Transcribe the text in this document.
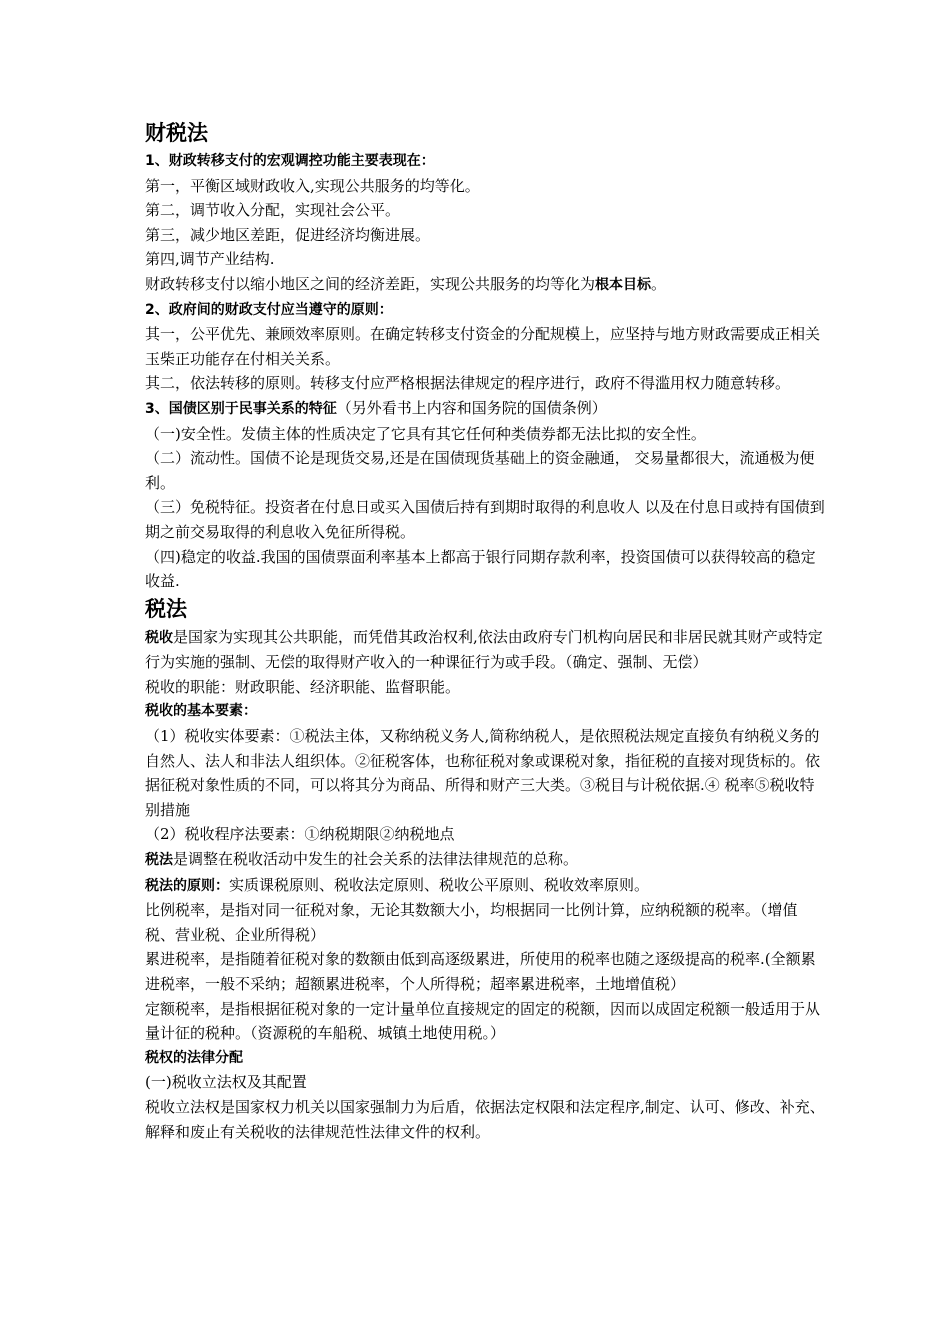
财税法

1、财政转移支付的宏观调控功能主要表现在：

第一，平衡区域财政收入,实现公共服务的均等化。

第二，调节收入分配，实现社会公平。

第三，减少地区差距，促进经济均衡进展。

第四,调节产业结构.

财政转移支付以缩小地区之间的经济差距，实现公共服务的均等化为根本目标。

2、政府间的财政支付应当遵守的原则：

其一，公平优先、兼顾效率原则。在确定转移支付资金的分配规模上，应坚持与地方财政需要成正相关玉柴正功能存在付相关关系。

其二，依法转移的原则。转移支付应严格根据法律规定的程序进行，政府不得滥用权力随意转移。

3、国债区别于民事关系的特征（另外看书上内容和国务院的国债条例）

（一)安全性。发债主体的性质决定了它具有其它任何种类债券都无法比拟的安全性。

（二）流动性。国债不论是现货交易,还是在国债现货基础上的资金融通， 交易量都很大，流通极为便利。

（三）免税特征。投资者在付息日或买入国债后持有到期时取得的利息收人 以及在付息日或持有国债到期之前交易取得的利息收入免征所得税。

（四)稳定的收益.我国的国债票面利率基本上都高于银行同期存款利率，投资国债可以获得较高的稳定收益.

税法

税收是国家为实现其公共职能，而凭借其政治权利,依法由政府专门机构向居民和非居民就其财产或特定行为实施的强制、无偿的取得财产收入的一种课征行为或手段。（确定、强制、无偿）

税收的职能：财政职能、经济职能、监督职能。

税收的基本要素：

（1）税收实体要素：①税法主体，又称纳税义务人,简称纳税人，是依照税法规定直接负有纳税义务的自然人、法人和非法人组织体。②征税客体，也称征税对象或课税对象，指征税的直接对现货标的。依据征税对象性质的不同，可以将其分为商品、所得和财产三大类。③税目与计税依据.④ 税率⑤税收特别措施

（2）税收程序法要素：①纳税期限②纳税地点

税法是调整在税收活动中发生的社会关系的法律法律规范的总称。

税法的原则：实质课税原则、税收法定原则、税收公平原则、税收效率原则。

比例税率，是指对同一征税对象，无论其数额大小，均根据同一比例计算，应纳税额的税率。（增值税、营业税、企业所得税）

累进税率，是指随着征税对象的数额由低到高逐级累进，所使用的税率也随之逐级提高的税率.(全额累进税率，一般不采纳；超额累进税率，个人所得税；超率累进税率，土地增值税）

定额税率，是指根据征税对象的一定计量单位直接规定的固定的税额，因而以成固定税额一般适用于从量计征的税种。（资源税的车船税、城镇土地使用税。）

税权的法律分配

(一)税收立法权及其配置

税收立法权是国家权力机关以国家强制力为后盾，依据法定权限和法定程序,制定、认可、修改、补充、解释和废止有关税收的法律规范性法律文件的权利。
